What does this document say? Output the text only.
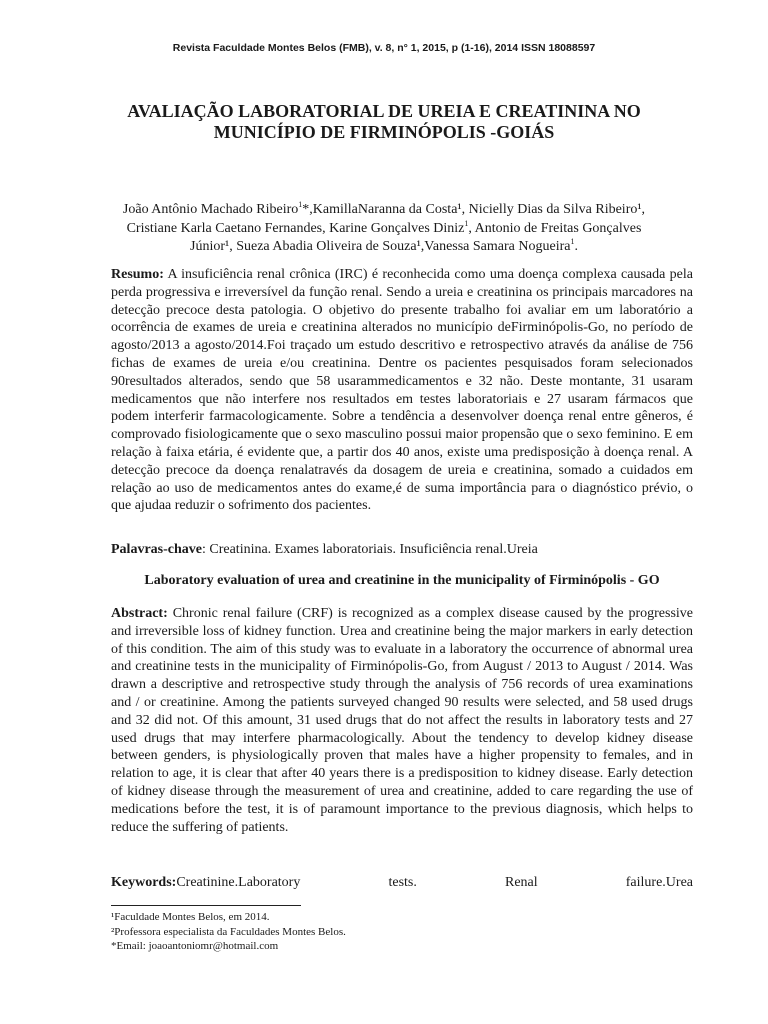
Revista Faculdade Montes Belos (FMB), v. 8, n° 1, 2015, p (1-16), 2014 ISSN 18088597
AVALIAÇÃO LABORATORIAL DE UREIA E CREATININA NO
MUNICÍPIO DE FIRMINÓPOLIS -GOIÁS
João Antônio Machado Ribeiro$^1$*,KamillaNaranna da Costa¹, Nicielly Dias da Silva Ribeiro¹,
Cristiane Karla Caetano Fernandes, Karine Gonçalves Diniz$^1$, Antonio de Freitas Gonçalves
Júnior¹, Sueza Abadia Oliveira de Souza¹,Vanessa Samara Nogueira$^1$.
Resumo: A insuficiência renal crônica (IRC) é reconhecida como uma doença complexa causada pela perda progressiva e irreversível da função renal. Sendo a ureia e creatinina os principais marcadores na detecção precoce desta patologia. O objetivo do presente trabalho foi avaliar em um laboratório a ocorrência de exames de ureia e creatinina alterados no município deFirminópolis-Go, no período de agosto/2013 a agosto/2014.Foi traçado um estudo descritivo e retrospectivo através da análise de 756 fichas de exames de ureia e/ou creatinina. Dentre os pacientes pesquisados foram selecionados 90resultados alterados, sendo que 58 usarammedicamentos e 32 não. Deste montante, 31 usaram medicamentos que não interfere nos resultados em testes laboratoriais e 27 usaram fármacos que podem interferir farmacologicamente. Sobre a tendência a desenvolver doença renal entre gêneros, é comprovado fisiologicamente que o sexo masculino possui maior propensão que o sexo feminino. E em relação à faixa etária, é evidente que, a partir dos 40 anos, existe uma predisposição à doença renal. A detecção precoce da doença renalatravés da dosagem de ureia e creatinina, somado a cuidados em relação ao uso de medicamentos antes do exame,é de suma importância para o diagnóstico prévio, o que ajudaa reduzir o sofrimento dos pacientes.
Palavras-chave: Creatinina. Exames laboratoriais. Insuficiência renal.Ureia
Laboratory evaluation of urea and creatinine in the municipality of Firminópolis - GO
Abstract: Chronic renal failure (CRF) is recognized as a complex disease caused by the progressive and irreversible loss of kidney function. Urea and creatinine being the major markers in early detection of this condition. The aim of this study was to evaluate in a laboratory the occurrence of abnormal urea and creatinine tests in the municipality of Firminópolis-Go, from August / 2013 to August / 2014. Was drawn a descriptive and retrospective study through the analysis of 756 records of urea examinations and / or creatinine. Among the patients surveyed changed 90 results were selected, and 58 used drugs and 32 did not. Of this amount, 31 used drugs that do not affect the results in laboratory tests and 27 used drugs that may interfere pharmacologically. About the tendency to develop kidney disease between genders, is physiologically proven that males have a higher propensity to females, and in relation to age, it is clear that after 40 years there is a predisposition to kidney disease. Early detection of kidney disease through the measurement of urea and creatinine, added to care regarding the use of medications before the test, it is of paramount importance to the previous diagnosis, which helps to reduce the suffering of patients.
Keywords:Creatinine.Laboratory	tests.	Renal	failure.Urea
¹Faculdade Montes Belos, em 2014.
²Professora especialista da Faculdades Montes Belos.
*Email: joaoantoniomr@hotmail.com
